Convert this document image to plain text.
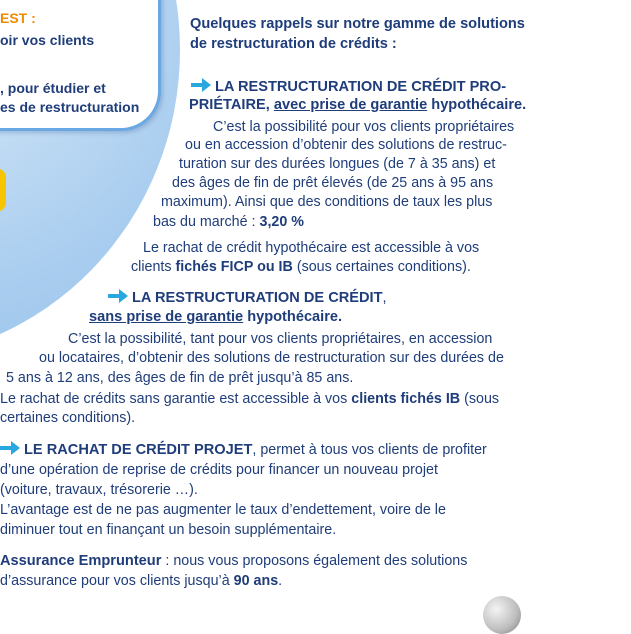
EST :
oir vos clients
, pour étudier et
es de restructuration
Quelques rappels sur notre gamme de solutions
de restructuration de crédits :
LA RESTRUCTURATION DE CRÉDIT PRO-
PRIÉTAIRE, avec prise de garantie hypothécaire.
C’est la possibilité pour vos clients propriétaires
ou en accession d’obtenir des solutions de restruc-
turation sur des durées longues (de 7 à 35 ans) et
des âges de fin de prêt élevés (de 25 ans à 95 ans
maximum). Ainsi que des conditions de taux les plus
bas du marché : 3,20 %
Le rachat de crédit hypothécaire est accessible à vos
clients fichés FICP ou IB (sous certaines conditions).
LA RESTRUCTURATION DE CRÉDIT,
sans prise de garantie hypothécaire.
C’est la possibilité, tant pour vos clients propriétaires, en accession
ou locataires, d’obtenir des solutions de restructuration sur des durées de
5 ans à 12 ans, des âges de fin de prêt jusqu’à 85 ans.
Le rachat de crédits sans garantie est accessible à vos clients fichés IB (sous
certaines conditions).
LE RACHAT DE CRÉDIT PROJET, permet à tous vos clients de profiter
d’une opération de reprise de crédits pour financer un nouveau projet
(voiture, travaux, trésorerie …).
L’avantage est de ne pas augmenter le taux d’endettement, voire de le
diminuer tout en finançant un besoin supplémentaire.
Assurance Emprunteur : nous vous proposons également des solutions
d’assurance pour vos clients jusqu’à 90 ans.
